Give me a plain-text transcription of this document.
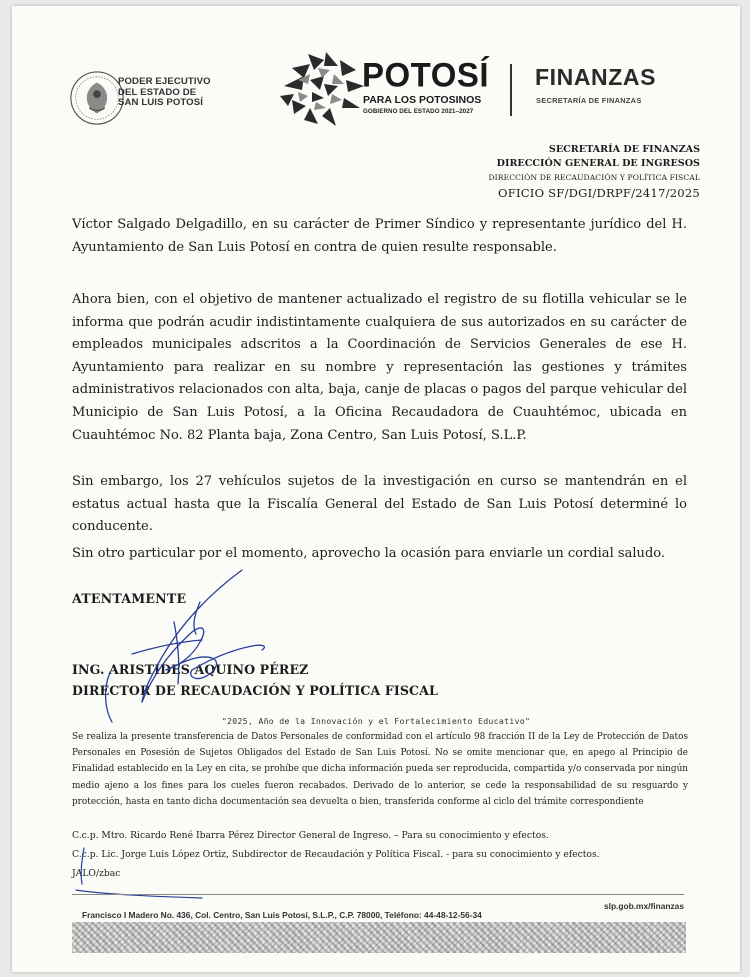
PODER EJECUTIVO
DEL ESTADO DE
SAN LUIS POTOSÍ
POTOSÍ
PARA LOS POTOSINOS
GOBIERNO DEL ESTADO 2021–2027
FINANZAS
SECRETARÍA DE FINANZAS
SECRETARÍA DE FINANZAS
DIRECCIÓN GENERAL DE INGRESOS
DIRECCIÓN DE RECAUDACIÓN Y POLÍTICA FISCAL
OFICIO SF/DGI/DRPF/2417/2025
Víctor Salgado Delgadillo, en su carácter de Primer Síndico y representante jurídico del H. Ayuntamiento de San Luis Potosí en contra de quien resulte responsable.
Ahora bien, con el objetivo de mantener actualizado el registro de su flotilla vehicular se le informa que podrán acudir indistintamente cualquiera de sus autorizados en su carácter de empleados municipales adscritos a la Coordinación de Servicios Generales de ese H. Ayuntamiento para realizar en su nombre y representación las gestiones y trámites administrativos relacionados con alta, baja, canje de placas o pagos del parque vehicular del Municipio de San Luis Potosí, a la Oficina Recaudadora de Cuauhtémoc, ubicada en Cuauhtémoc No. 82 Planta baja, Zona Centro, San Luis Potosí, S.L.P.
Sin embargo, los 27 vehículos sujetos de la investigación en curso se mantendrán en el estatus actual hasta que la Fiscalía General del Estado de San Luis Potosí determiné lo conducente.
Sin otro particular por el momento, aprovecho la ocasión para enviarle un cordial saludo.
ATENTAMENTE
ING. ARISTIDES AQUINO PÉREZ
DIRECTOR DE RECAUDACIÓN Y POLÍTICA FISCAL
"2025, Año de la Innovación y el Fortalecimiento Educativo"
Se realiza la presente transferencia de Datos Personales de conformidad con el artículo 98 fracción II de la Ley de Protección de Datos Personales en Posesión de Sujetos Obligados del Estado de San Luis Potosí. No se omite mencionar que, en apego al Principio de Finalidad establecido en la Ley en cita, se prohíbe que dicha información pueda ser reproducida, compartida y/o conservada por ningún medio ajeno a los fines para los cueles fueron recabados. Derivado de lo anterior, se cede la responsabilidad de su resguardo y protección, hasta en tanto dicha documentación sea devuelta o bien, transferida conforme al ciclo del trámite correspondiente
C.c.p. Mtro. Ricardo René Ibarra Pérez Director General de Ingreso. – Para su conocimiento y efectos.
C.c.p. Lic. Jorge Luis López Ortiz, Subdirector de Recaudación y Política Fiscal. - para su conocimiento y efectos.
JALO/zbac
slp.gob.mx/finanzas
Francisco I Madero No. 436, Col. Centro, San Luis Potosí, S.L.P., C.P. 78000, Teléfono: 44-48-12-56-34
